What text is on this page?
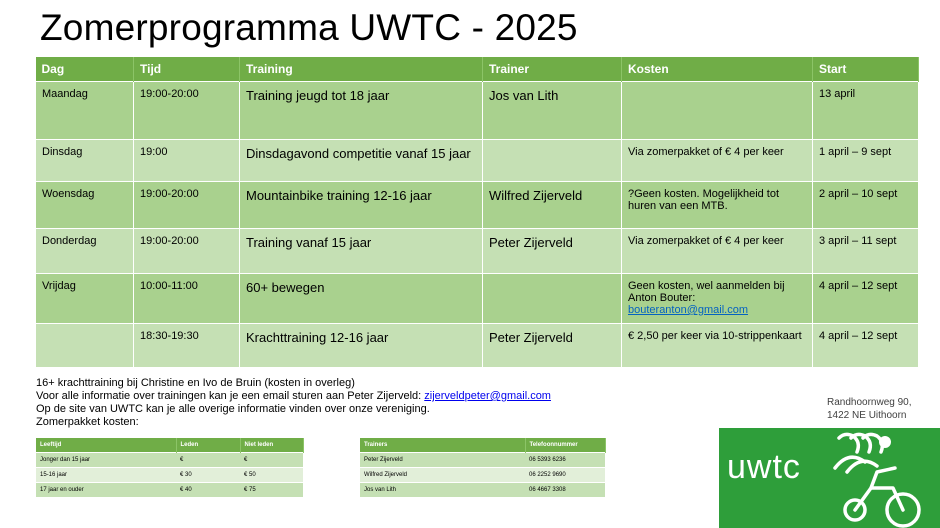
Zomerprogramma UWTC - 2025
Dag	Tijd	Training	Trainer	Kosten	Start
Maandag	19:00-20:00	Training jeugd tot 18 jaar	Jos van Lith		13 april
Dinsdag	19:00	Dinsdagavond competitie vanaf 15 jaar		Via zomerpakket of € 4 per keer	1 april – 9 sept
Woensdag	19:00-20:00	Mountainbike training 12-16 jaar	Wilfred Zijerveld	?Geen kosten. Mogelijkheid tot huren van een MTB.	2 april – 10 sept
Donderdag	19:00-20:00	Training vanaf 15 jaar	Peter Zijerveld	Via zomerpakket of € 4 per keer	3 april – 11 sept
Vrijdag	10:00-11:00	60+ bewegen		Geen kosten, wel aanmelden bij Anton Bouter:
bouteranton@gmail.com	4 april – 12 sept
	18:30-19:30	Krachttraining 12-16 jaar	Peter Zijerveld	€ 2,50 per keer via 10-strippenkaart	4 april – 12 sept
16+ krachttraining bij Christine en Ivo de Bruin (kosten in overleg)
Voor alle informatie over trainingen kan je een email sturen aan Peter Zijerveld: zijerveldpeter@gmail.com
Op de site van UWTC kan je alle overige informatie vinden over onze vereniging.
Zomerpakket kosten:
Leeftijd	Leden	Niet leden
Jonger dan 15 jaar	€	€
15-16 jaar	€ 30	€ 50
17 jaar en ouder	€ 40	€ 75
Trainers	Telefoonnummer
Peter Zijerveld	06 5393 6236
Wilfred Zijerveld	06 2252 9690
Jos van Lith	06 4667 3308
Randhoornweg 90,
1422 NE Uithoorn
uwtc
